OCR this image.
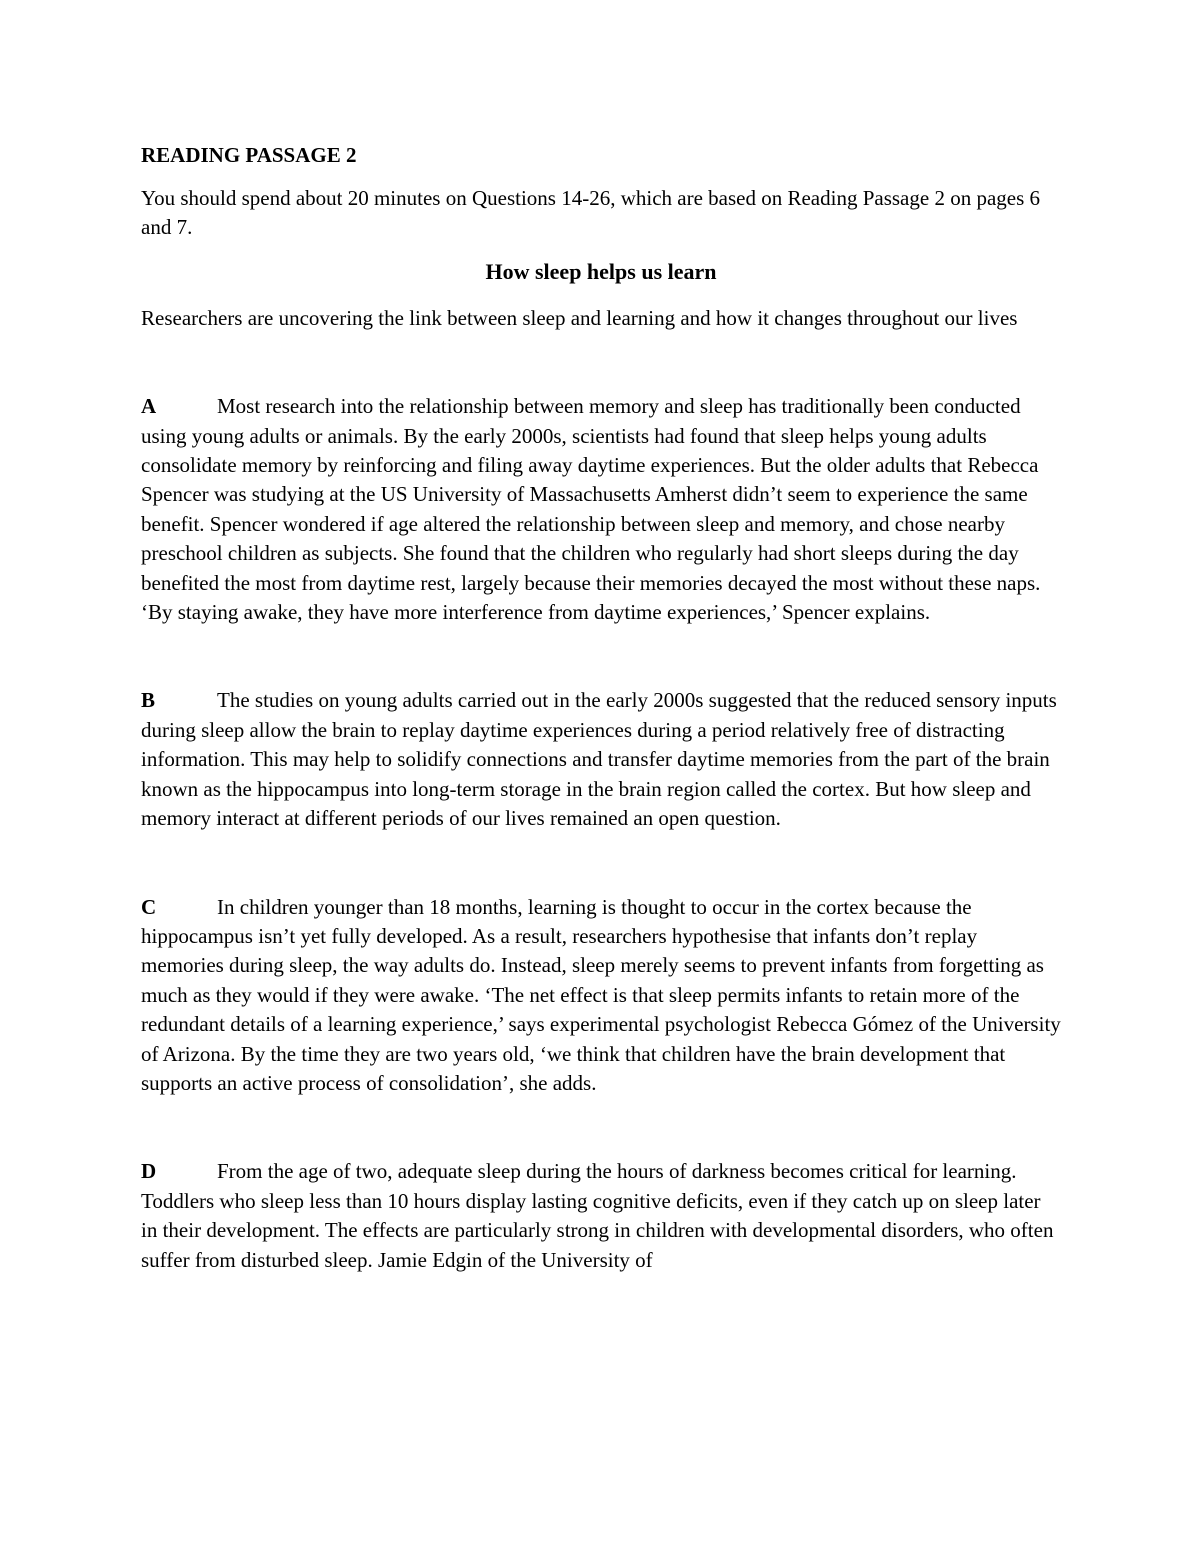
READING PASSAGE 2

You should spend about 20 minutes on Questions 14-26, which are based on Reading Passage 2 on pages 6 and 7.

How sleep helps us learn

Researchers are uncovering the link between sleep and learning and how it changes throughout our lives

A	Most research into the relationship between memory and sleep has traditionally been conducted using young adults or animals. By the early 2000s, scientists had found that sleep helps young adults consolidate memory by reinforcing and filing away daytime experiences. But the older adults that Rebecca Spencer was studying at the US University of Massachusetts Amherst didn’t seem to experience the same benefit. Spencer wondered if age altered the relationship between sleep and memory, and chose nearby preschool children as subjects. She found that the children who regularly had short sleeps during the day benefited the most from daytime rest, largely because their memories decayed the most without these naps. ‘By staying awake, they have more interference from daytime experiences,’ Spencer explains.

B	The studies on young adults carried out in the early 2000s suggested that the reduced sensory inputs during sleep allow the brain to replay daytime experiences during a period relatively free of distracting information. This may help to solidify connections and transfer daytime memories from the part of the brain known as the hippocampus into long-term storage in the brain region called the cortex. But how sleep and memory interact at different periods of our lives remained an open question.

C	In children younger than 18 months, learning is thought to occur in the cortex because the hippocampus isn’t yet fully developed. As a result, researchers hypothesise that infants don’t replay memories during sleep, the way adults do. Instead, sleep merely seems to prevent infants from forgetting as much as they would if they were awake. ‘The net effect is that sleep permits infants to retain more of the redundant details of a learning experience,’ says experimental psychologist Rebecca Gómez of the University of Arizona. By the time they are two years old, ‘we think that children have the brain development that supports an active process of consolidation’, she adds.

D	From the age of two, adequate sleep during the hours of darkness becomes critical for learning. Toddlers who sleep less than 10 hours display lasting cognitive deficits, even if they catch up on sleep later in their development. The effects are particularly strong in children with developmental disorders, who often suffer from disturbed sleep. Jamie Edgin of the University of
